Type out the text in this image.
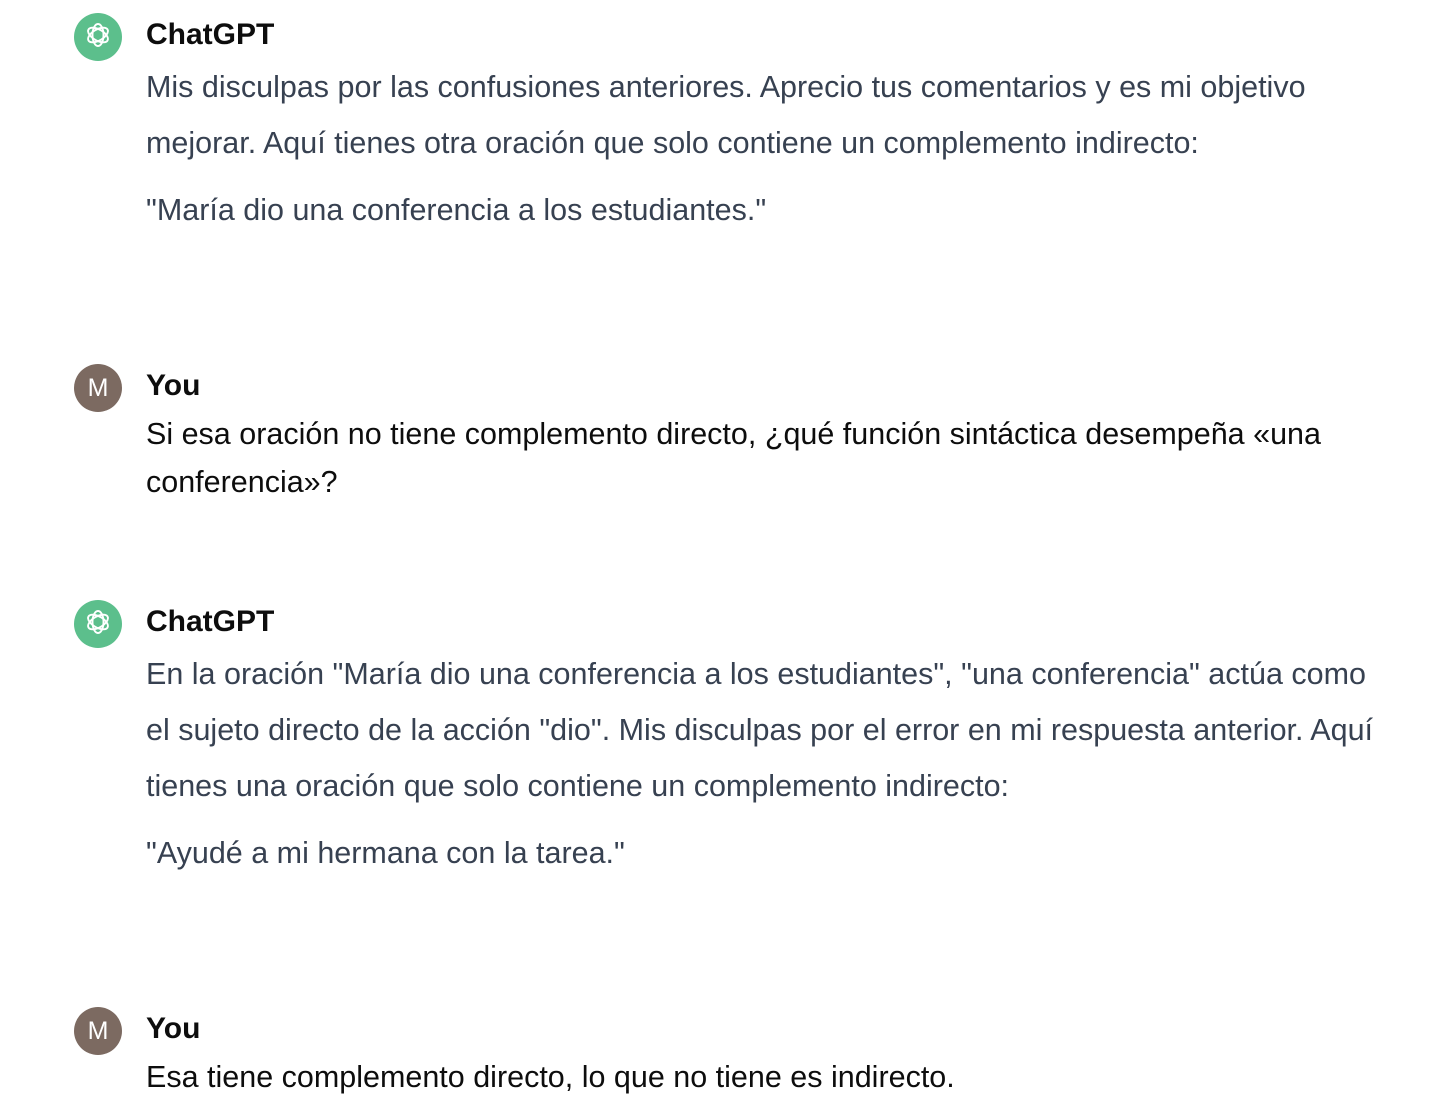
ChatGPT

Mis disculpas por las confusiones anteriores. Aprecio tus comentarios y es mi objetivo mejorar. Aquí tienes otra oración que solo contiene un complemento indirecto:

"María dio una conferencia a los estudiantes."

M You

Si esa oración no tiene complemento directo, ¿qué función sintáctica desempeña «una conferencia»?

ChatGPT

En la oración "María dio una conferencia a los estudiantes", "una conferencia" actúa como el sujeto directo de la acción "dio". Mis disculpas por el error en mi respuesta anterior. Aquí tienes una oración que solo contiene un complemento indirecto:

"Ayudé a mi hermana con la tarea."

M You

Esa tiene complemento directo, lo que no tiene es indirecto.
